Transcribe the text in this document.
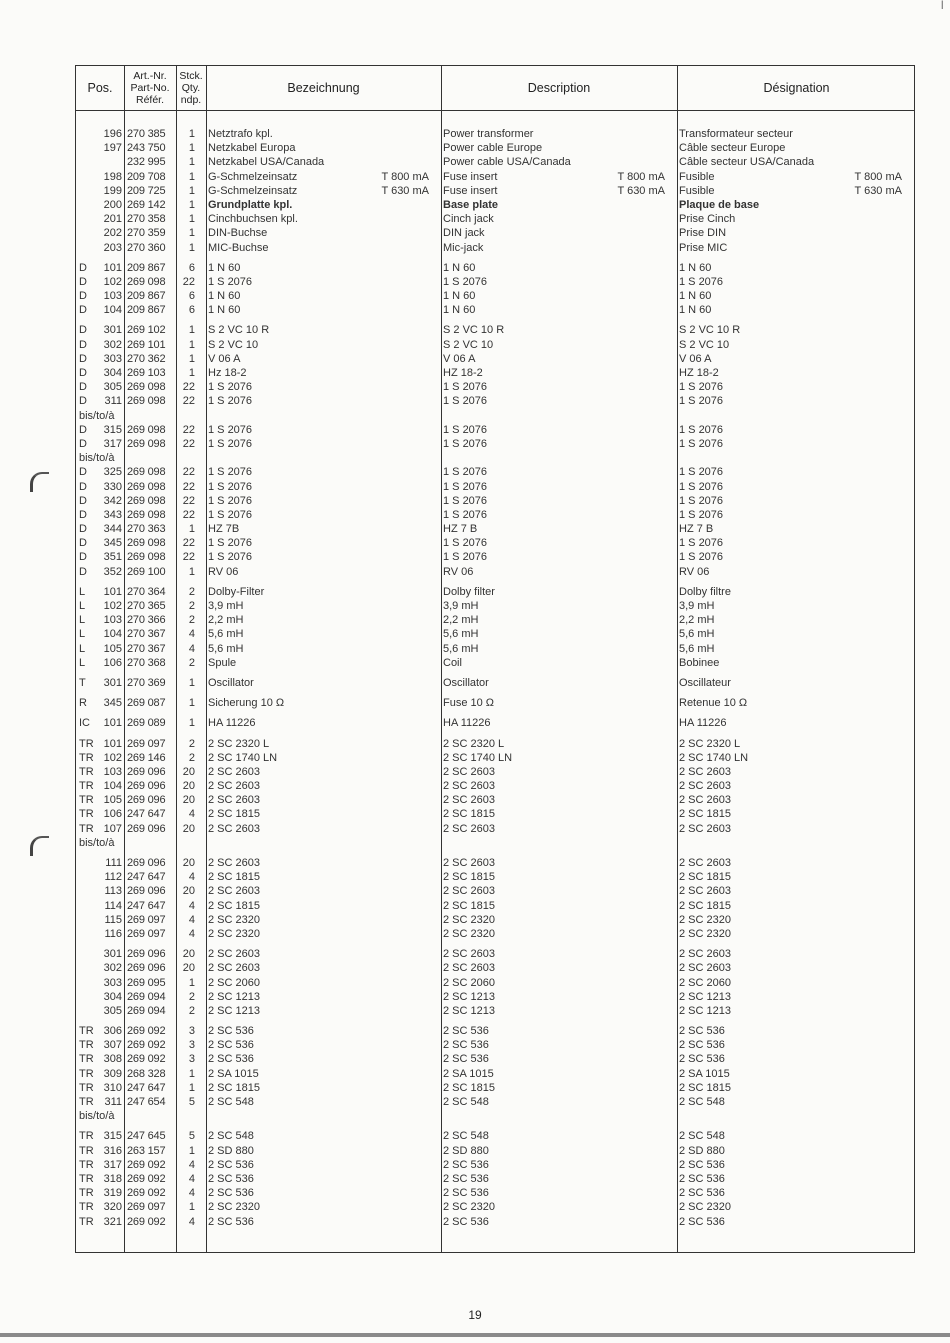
I
Pos.
Art.-Nr.
Part-No.
Référ.
Stck.
Qty.
ndp.
Bezeichnung	Description	Désignation
196 270 385	1	Netztrafo kpl.	Power transformer	Transformateur secteur
197 243 750	1	Netzkabel Europa	Power cable Europe	Câble secteur Europe
232 995	1	Netzkabel USA/Canada	Power cable USA/Canada	Câble secteur USA/Canada
198 209 708	1	G-Schmelzeinsatz	T 800 mA	Fuse insert	T 800 mA	Fusible	T 800 mA
199 209 725	1	G-Schmelzeinsatz	T 630 mA	Fuse insert	T 630 mA	Fusible	T 630 mA
200 269 142	1	Grundplatte kpl.	Base plate	Plaque de base
201 270 358	1	Cinchbuchsen kpl.	Cinch jack	Prise Cinch
202 270 359	1	DIN-Buchse	DIN jack	Prise DIN
203 270 360	1	MIC-Buchse	Mic-jack	Prise MIC
D	101 209 867	6	1 N 60	1 N 60	1 N 60
D	102 269 098	22	1 S 2076	1 S 2076	1 S 2076
D	103 209 867	6	1 N 60	1 N 60	1 N 60
D	104 209 867	6	1 N 60	1 N 60	1 N 60
D	301 269 102	1	S 2 VC 10 R	S 2 VC 10 R	S 2 VC 10 R
D	302 269 101	1	S 2 VC 10	S 2 VC 10	S 2 VC 10
D	303 270 362	1	V 06 A	V 06 A	V 06 A
D	304 269 103	1	Hz 18-2	HZ 18-2	HZ 18-2
D	305 269 098	22	1 S 2076	1 S 2076	1 S 2076
D	311 269 098	22	1 S 2076	1 S 2076	1 S 2076
bis/to/à
D	315 269 098	22	1 S 2076	1 S 2076	1 S 2076
D	317 269 098	22	1 S 2076	1 S 2076	1 S 2076
bis/to/à
D	325 269 098	22	1 S 2076	1 S 2076	1 S 2076
D	330 269 098	22	1 S 2076	1 S 2076	1 S 2076
D	342 269 098	22	1 S 2076	1 S 2076	1 S 2076
D	343 269 098	22	1 S 2076	1 S 2076	1 S 2076
D	344 270 363	1	HZ 7B	HZ 7 B	HZ 7 B
D	345 269 098	22	1 S 2076	1 S 2076	1 S 2076
D	351 269 098	22	1 S 2076	1 S 2076	1 S 2076
D	352 269 100	1	RV 06	RV 06	RV 06
L	101 270 364	2	Dolby-Filter	Dolby filter	Dolby filtre
L	102 270 365	2	3,9 mH	3,9 mH	3,9 mH
L	103 270 366	2	2,2 mH	2,2 mH	2,2 mH
L	104 270 367	4	5,6 mH	5,6 mH	5,6 mH
L	105 270 367	4	5,6 mH	5,6 mH	5,6 mH
L	106 270 368	2	Spule	Coil	Bobinee
T	301 270 369	1	Oscillator	Oscillator	Oscillateur
R	345 269 087	1	Sicherung 10 Ω	Fuse 10 Ω	Retenue 10 Ω
IC	101 269 089	1	HA 11226	HA 11226	HA 11226
TR 101 269 097	2	2 SC 2320 L	2 SC 2320 L	2 SC 2320 L
TR 102 269 146	2	2 SC 1740 LN	2 SC 1740 LN	2 SC 1740 LN
TR 103 269 096	20	2 SC 2603	2 SC 2603	2 SC 2603
TR 104 269 096	20	2 SC 2603	2 SC 2603	2 SC 2603
TR 105 269 096	20	2 SC 2603	2 SC 2603	2 SC 2603
TR 106 247 647	4	2 SC 1815	2 SC 1815	2 SC 1815
TR 107 269 096	20	2 SC 2603	2 SC 2603	2 SC 2603
bis/to/à
111 269 096	20	2 SC 2603	2 SC 2603	2 SC 2603
112 247 647	4	2 SC 1815	2 SC 1815	2 SC 1815
113 269 096	20	2 SC 2603	2 SC 2603	2 SC 2603
114 247 647	4	2 SC 1815	2 SC 1815	2 SC 1815
115 269 097	4	2 SC 2320	2 SC 2320	2 SC 2320
116 269 097	4	2 SC 2320	2 SC 2320	2 SC 2320
301 269 096	20	2 SC 2603	2 SC 2603	2 SC 2603
302 269 096	20	2 SC 2603	2 SC 2603	2 SC 2603
303 269 095	1	2 SC 2060	2 SC 2060	2 SC 2060
304 269 094	2	2 SC 1213	2 SC 1213	2 SC 1213
305 269 094	2	2 SC 1213	2 SC 1213	2 SC 1213
TR 306 269 092	3	2 SC 536	2 SC 536	2 SC 536
TR 307 269 092	3	2 SC 536	2 SC 536	2 SC 536
TR 308 269 092	3	2 SC 536	2 SC 536	2 SC 536
TR 309 268 328	1	2 SA 1015	2 SA 1015	2 SA 1015
TR 310 247 647	1	2 SC 1815	2 SC 1815	2 SC 1815
TR 311 247 654	5	2 SC 548	2 SC 548	2 SC 548
bis/to/à
TR 315 247 645	5	2 SC 548	2 SC 548	2 SC 548
TR 316 263 157	1	2 SD 880	2 SD 880	2 SD 880
TR 317 269 092	4	2 SC 536	2 SC 536	2 SC 536
TR 318 269 092	4	2 SC 536	2 SC 536	2 SC 536
TR 319 269 092	4	2 SC 536	2 SC 536	2 SC 536
TR 320 269 097	1	2 SC 2320	2 SC 2320	2 SC 2320
TR 321 269 092	4	2 SC 536	2 SC 536	2 SC 536
19
